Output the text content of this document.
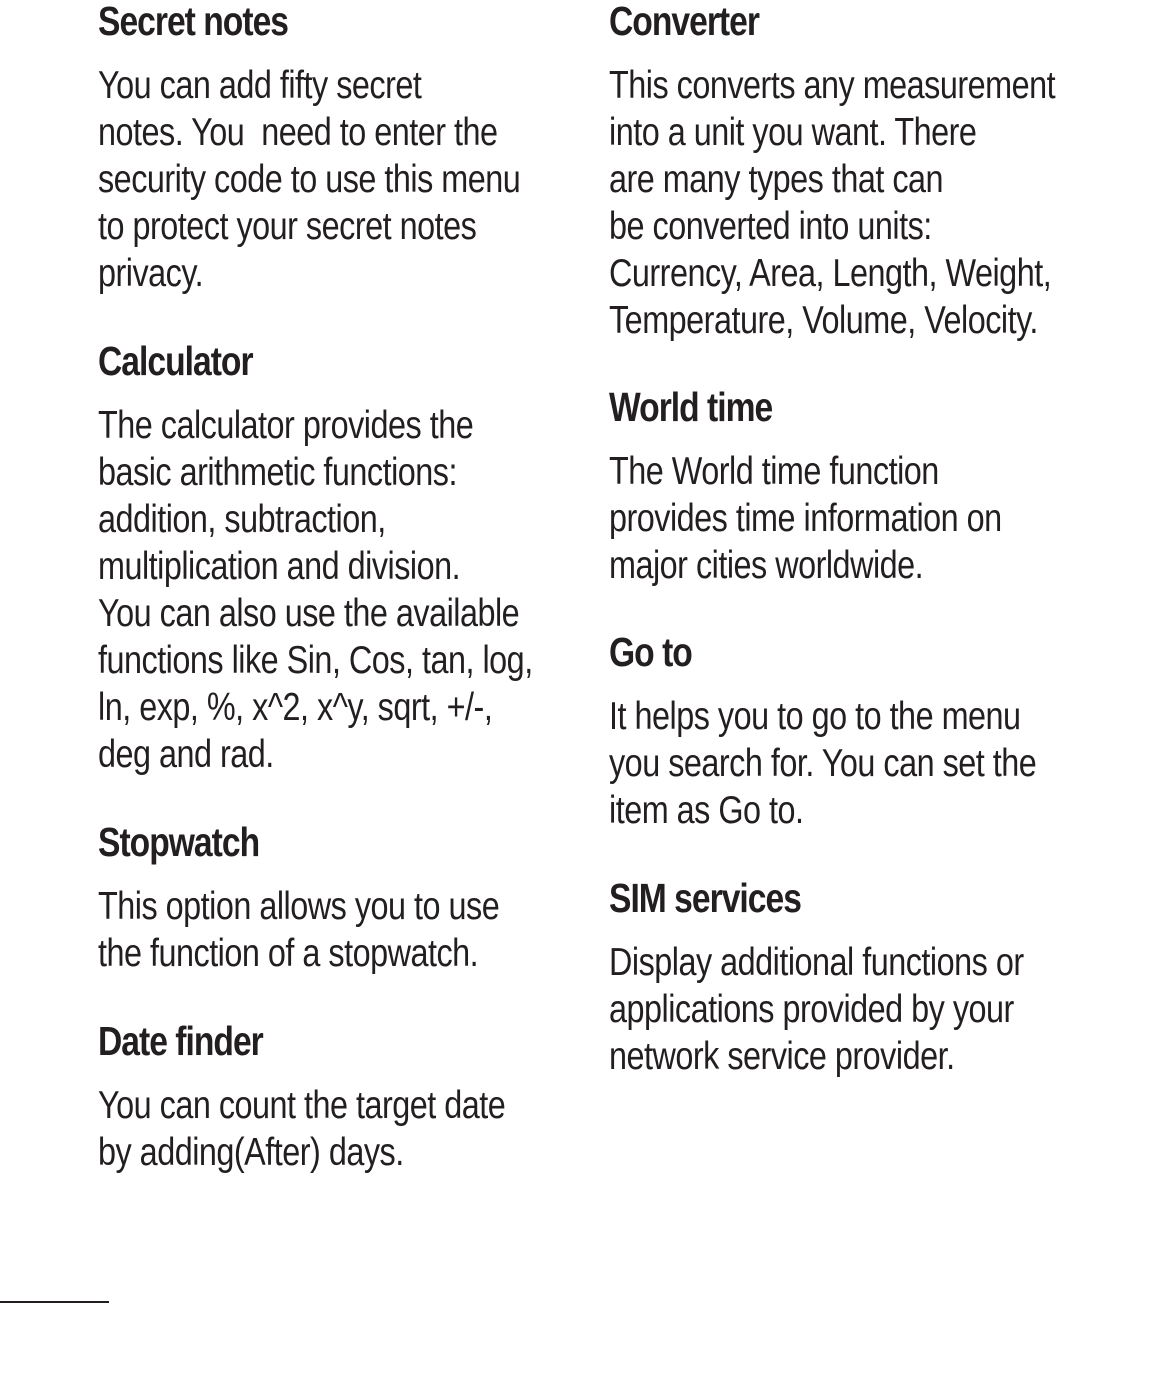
Secret notes

You can add fifty secret
notes. You  need to enter the
security code to use this menu
to protect your secret notes
privacy.

Calculator

The calculator provides the
basic arithmetic functions:
addition, subtraction,
multiplication and division.
You can also use the available
functions like Sin, Cos, tan, log,
ln, exp, %, x^2, x^y, sqrt, +/-,
deg and rad.

Stopwatch

This option allows you to use
the function of a stopwatch.

Date finder

You can count the target date
by adding(After) days.

Converter

This converts any measurement
into a unit you want. There
are many types that can
be converted into units:
Currency, Area, Length, Weight,
Temperature, Volume, Velocity.

World time

The World time function
provides time information on
major cities worldwide.

Go to

It helps you to go to the menu
you search for. You can set the
item as Go to.

SIM services

Display additional functions or
applications provided by your
network service provider.
